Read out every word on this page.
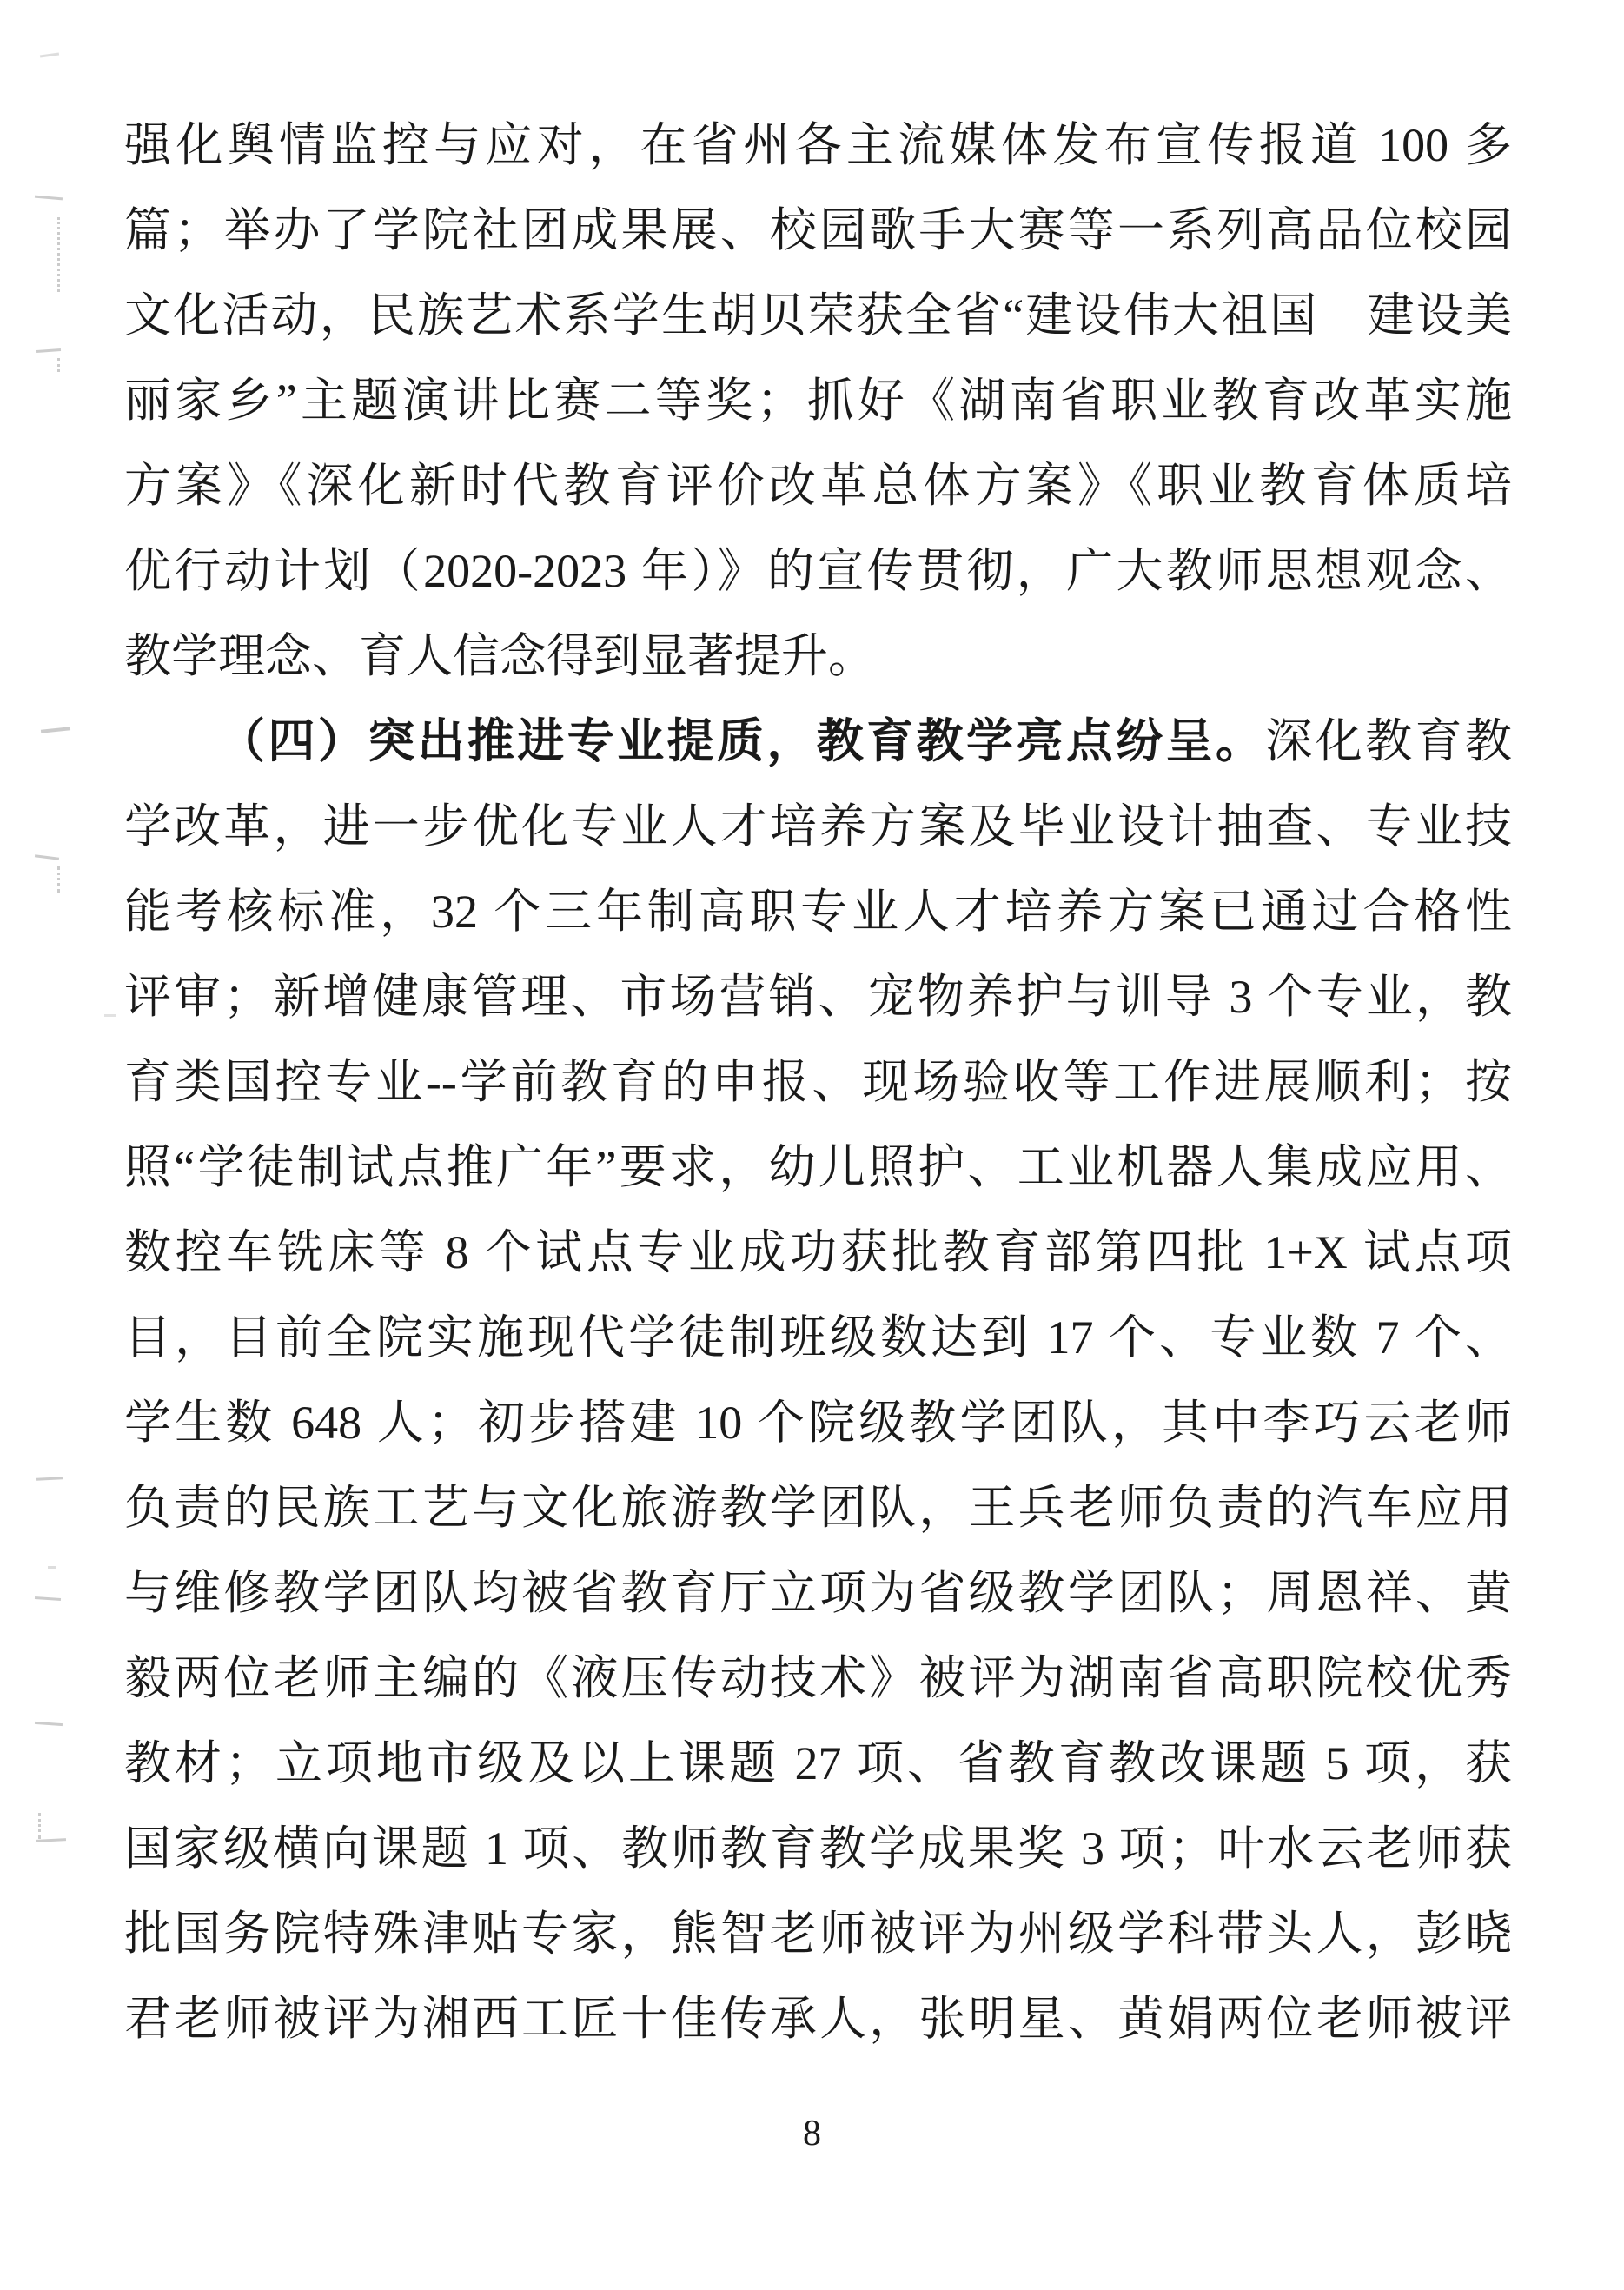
强化舆情监控与应对，在省州各主流媒体发布宣传报道 100 多
篇；举办了学院社团成果展、校园歌手大赛等一系列高品位校园
文化活动，民族艺术系学生胡贝荣获全省“建设伟大祖国　建设美
丽家乡”主题演讲比赛二等奖；抓好《湖南省职业教育改革实施
方案》《深化新时代教育评价改革总体方案》《职业教育体质培
优行动计划（2020-2023 年）》的宣传贯彻，广大教师思想观念、
教学理念、育人信念得到显著提升。
（四）突出推进专业提质，教育教学亮点纷呈。深化教育教
学改革，进一步优化专业人才培养方案及毕业设计抽查、专业技
能考核标准，32 个三年制高职专业人才培养方案已通过合格性
评审；新增健康管理、市场营销、宠物养护与训导 3 个专业，教
育类国控专业--学前教育的申报、现场验收等工作进展顺利；按
照“学徒制试点推广年”要求，幼儿照护、工业机器人集成应用、
数控车铣床等 8 个试点专业成功获批教育部第四批 1+X 试点项
目，目前全院实施现代学徒制班级数达到 17 个、专业数 7 个、
学生数 648 人；初步搭建 10 个院级教学团队，其中李巧云老师
负责的民族工艺与文化旅游教学团队，王兵老师负责的汽车应用
与维修教学团队均被省教育厅立项为省级教学团队；周恩祥、黄
毅两位老师主编的《液压传动技术》被评为湖南省高职院校优秀
教材；立项地市级及以上课题 27 项、省教育教改课题 5 项，获
国家级横向课题 1 项、教师教育教学成果奖 3 项；叶水云老师获
批国务院特殊津贴专家，熊智老师被评为州级学科带头人，彭晓
君老师被评为湘西工匠十佳传承人，张明星、黄娟两位老师被评
8
